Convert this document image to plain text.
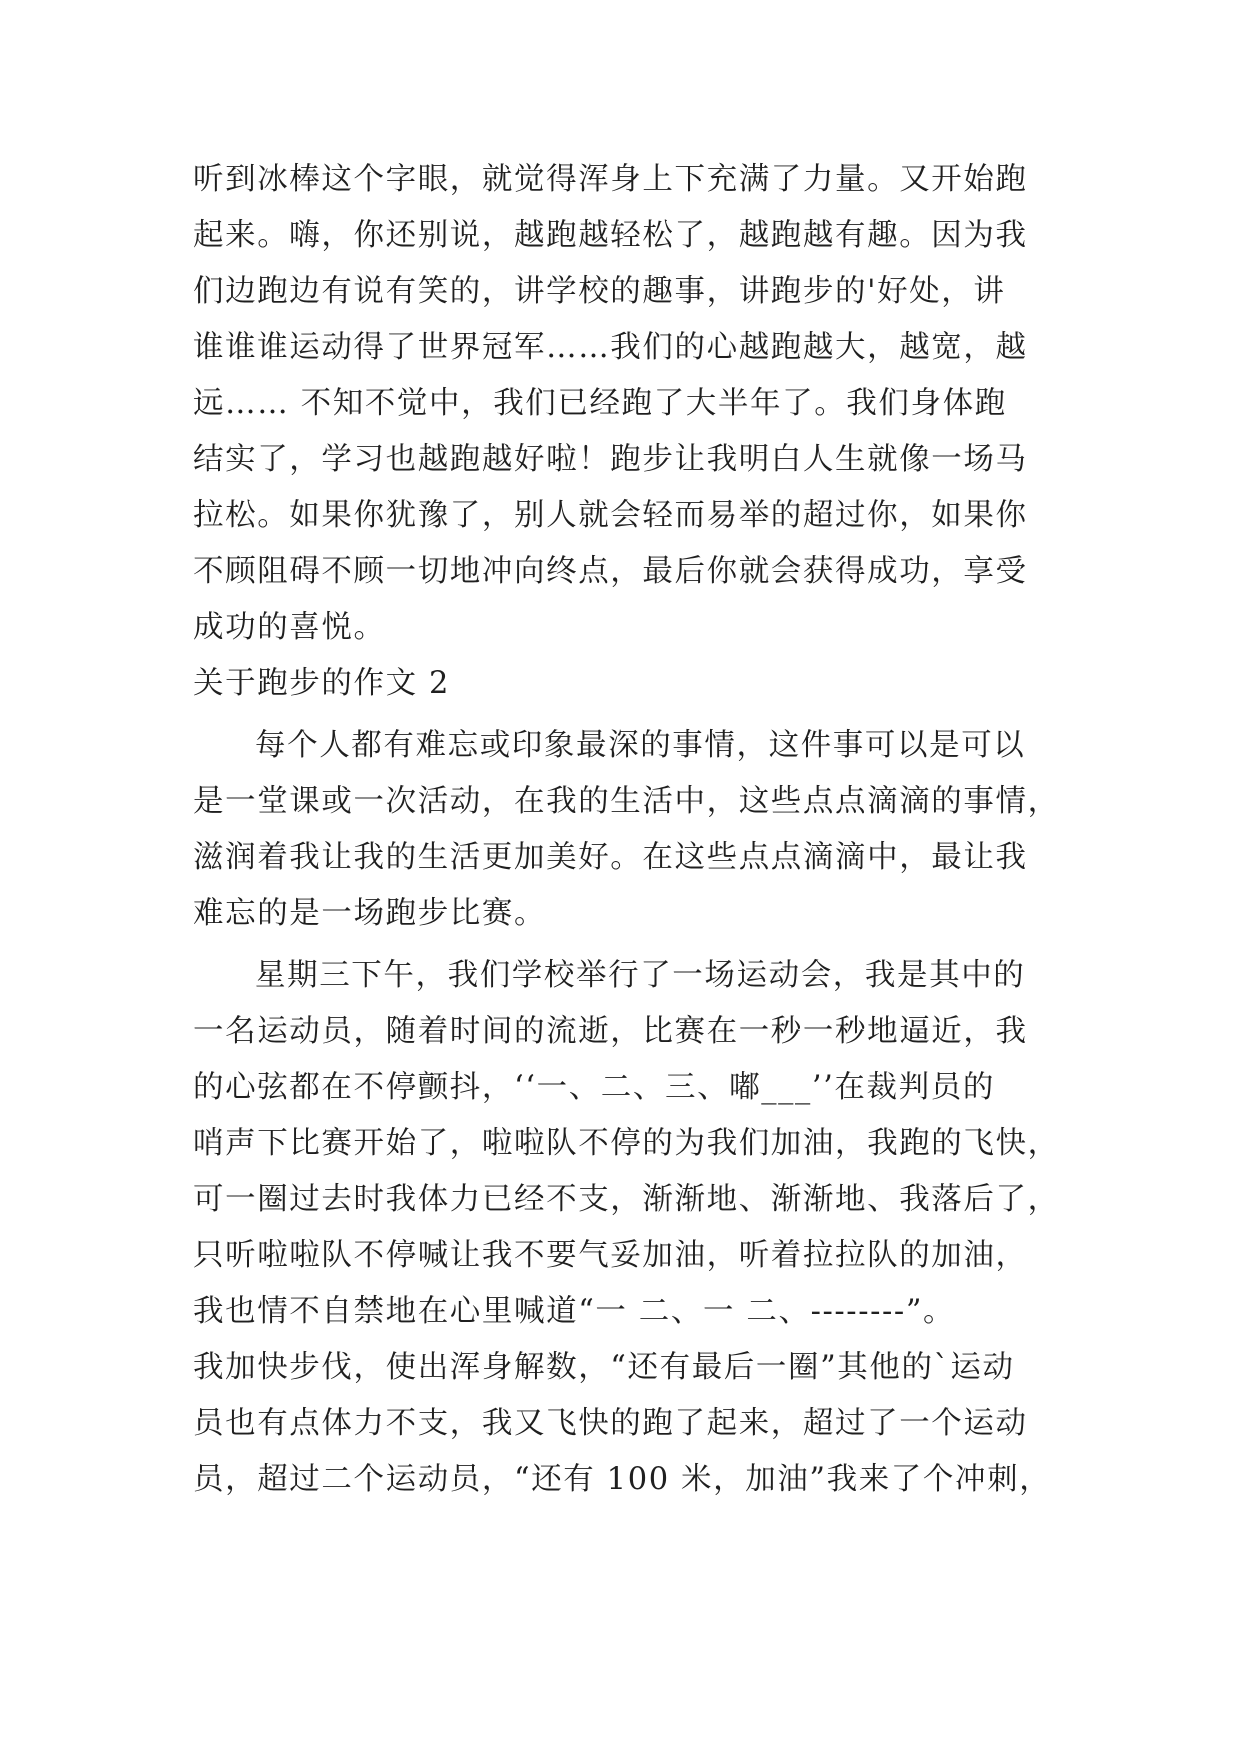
听到冰棒这个字眼，就觉得浑身上下充满了力量。又开始跑
起来。嗨，你还别说，越跑越轻松了，越跑越有趣。因为我
们边跑边有说有笑的，讲学校的趣事，讲跑步的'好处，讲
谁谁谁运动得了世界冠军……我们的心越跑越大，越宽，越
远…… 不知不觉中，我们已经跑了大半年了。我们身体跑
结实了，学习也越跑越好啦！跑步让我明白人生就像一场马
拉松。如果你犹豫了，别人就会轻而易举的超过你，如果你
不顾阻碍不顾一切地冲向终点，最后你就会获得成功，享受
成功的喜悦。
关于跑步的作文 2
每个人都有难忘或印象最深的事情，这件事可以是可以
是一堂课或一次活动，在我的生活中，这些点点滴滴的事情，
滋润着我让我的生活更加美好。在这些点点滴滴中，最让我
难忘的是一场跑步比赛。
星期三下午，我们学校举行了一场运动会，我是其中的
一名运动员，随着时间的流逝，比赛在一秒一秒地逼近，我
的心弦都在不停颤抖，‘‘一、二、三、嘟___’’在裁判员的
哨声下比赛开始了，啦啦队不停的为我们加油，我跑的飞快，
可一圈过去时我体力已经不支，渐渐地、渐渐地、我落后了，
只听啦啦队不停喊让我不要气妥加油，听着拉拉队的加油，
我也情不自禁地在心里喊道“一 二、一 二、--------”。
我加快步伐，使出浑身解数，“还有最后一圈”其他的`运动
员也有点体力不支，我又飞快的跑了起来，超过了一个运动
员，超过二个运动员，“还有 100 米，加油”我来了个冲刺，
